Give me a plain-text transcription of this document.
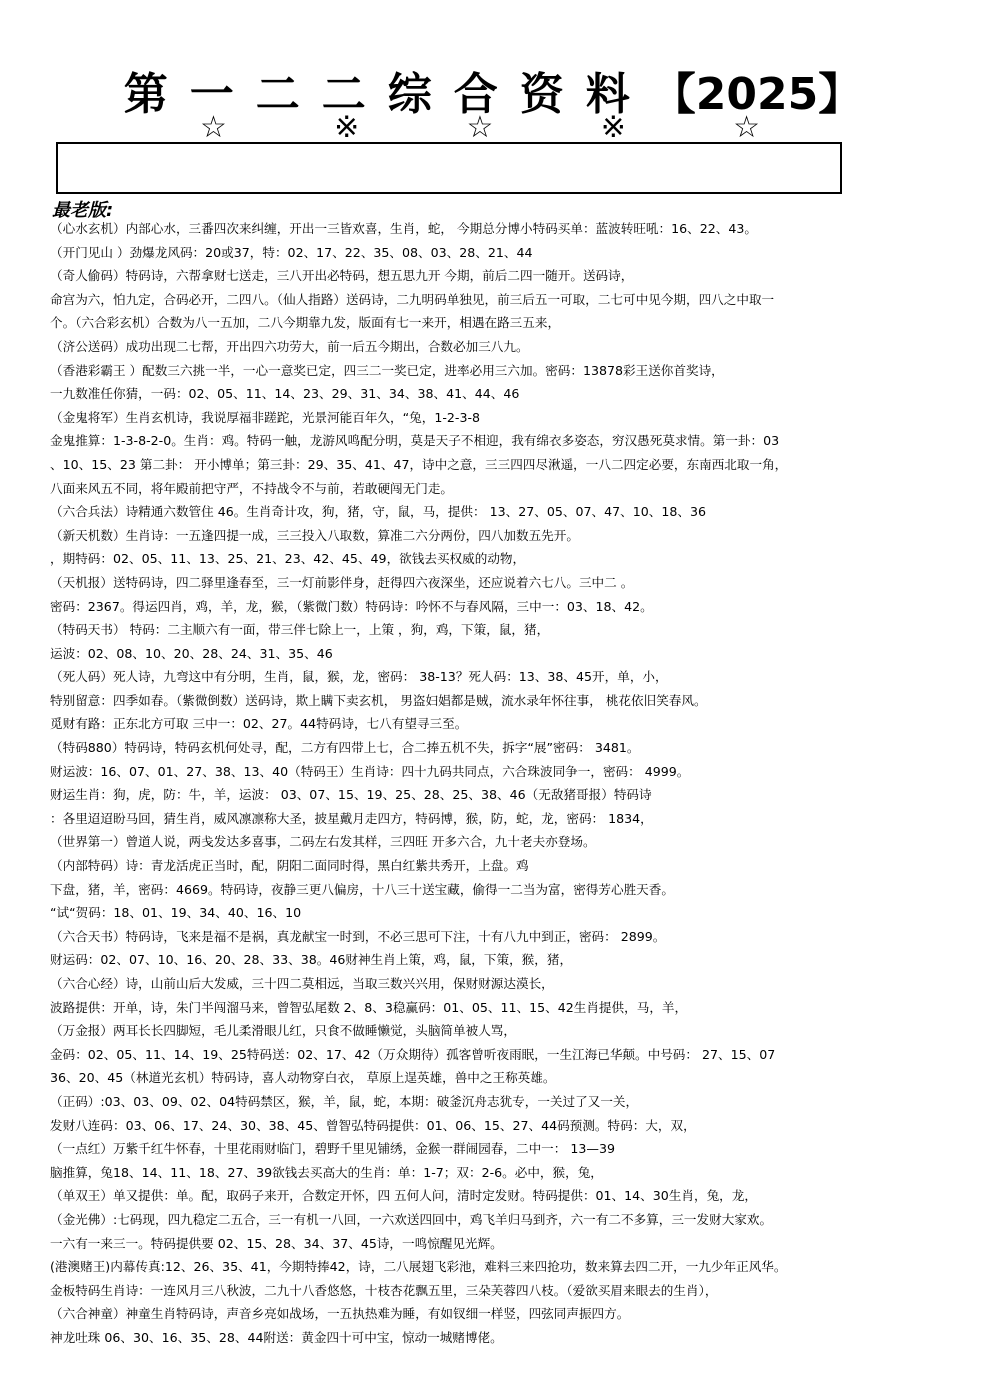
第一二二综合资料【2025】
☆	※	☆	※	☆
最老版:
（心水玄机）内部心水，三番四次来纠缠，开出一三皆欢喜，生肖，蛇， 今期总分博小特码买单：蓝波转旺吼：16、22、43。
（开门见山 ）劲爆龙风码：20或37，特：02、17、22、35、08、03、28、21、44
（奇人偷码）特码诗，六帮拿财七送走，三八开出必特码，想五思九开 今期，前后二四一随开。送码诗，
命宫为六，怕九定，合码必开，二四八。（仙人指路）送码诗，二九明码单独见，前三后五一可取，二七可中见今期，四八之中取一
个。（六合彩玄机）合数为八一五加，二八今期靠九发，版面有七一来开，相遇在路三五来，
（济公送码）成功出现二七帮，开出四六功劳大，前一后五今期出，合数必加三八九。
（香港彩霸王 ）配数三六挑一半，一心一意奖已定，四三二一奖已定，进率必用三六加。密码：13878彩王送你首奖诗，
一九数准任你猜，一码：02、05、11、14、23、29、31、34、38、41、44、46
（金鬼将军）生肖玄机诗，我说厚福非蹉跎，光景河能百年久，“兔，1-2-3-8
金鬼推算：1-3-8-2-0。生肖：鸡。特码一触，龙游风鸣配分明，莫是天子不相迎，我有绵衣多姿态，穷汉愚死莫求情。第一卦：03
、10、15、23 第二卦： 开小博单；第三卦：29、35、41、47，诗中之意，三三四四尽湫遥，一八二四定必要，东南西北取一角，
八面来风五不同，将年殿前把守严，不持战令不与前，若敢硬闯无门走。
（六合兵法）诗精通六数管住 46。生肖奇计攻，狗，猪，守，鼠，马，提供： 13、27、05、07、47、10、18、36
（新天机数）生肖诗：一五逢四提一成，三三投入八取数，算准二六分两份，四八加数五先开。
，期特码：02、05、11、13、25、21、23、42、45、49，欲钱去买权威的动物，
（天机报）送特码诗，四二驿里逢春至，三一灯前影伴身，赶得四六夜深坐，还应说着六七八。三中二 。
密码：2367。得运四肖，鸡，羊，龙，猴，（紫微门数）特码诗：吟怀不与春风隔，三中一：03、18、42。
（特码天书） 特码：二主顺六有一面，带三伴七除上一，上策 ，狗，鸡，下策，鼠，猪，
运波：02、08、10、20、28、24、31、35、46
（死人码）死人诗，九弯这中有分明，生肖，鼠，猴，龙，密码： 38-13？死人码：13、38、45开，单，小，
特别留意：四季如春。（紫微倒数）送码诗，欺上瞒下卖玄机， 男盗妇娼都是贼，流水录年怀往事， 桃花依旧笑春风。
觅财有路：正东北方可取 三中一：02、27。44特码诗，七八有望寻三至。
（特码880）特码诗，特码玄机何处寻，配，二方有四带上七，合二捧五机不失，拆字“展”密码： 3481。
财运波：16、07、01、27、38、13、40（特码王）生肖诗：四十九码共同点，六合珠波同争一，密码： 4999。
财运生肖：狗，虎，防：牛，羊，运波： 03、07、15、19、25、28、25、38、46（无敌猪哥报）特码诗
：各里迢迢盼马回，猜生肖，威风凛凛称大圣，披星戴月走四方，特码博，猴，防，蛇，龙，密码： 1834，
（世界第一）曾道人说，两戋发达多喜事，二码左右发其样，三四旺 开多六合，九十老夫亦登场。
（内部特码）诗：青龙活虎正当时，配，阴阳二面同时得，黑白红紫共秀开，上盘。鸡
下盘，猪，羊，密码：4669。特码诗，夜静三更八偏房，十八三十送宝藏，偷得一二当为富，密得芳心胜天香。
“试“贺码：18、01、19、34、40、16、10
（六合天书）特码诗，飞来是福不是祸，真龙献宝一时到，不必三思可下注，十有八九中到正，密码： 2899。
财运码：02、07、10、16、20、28、33、38。46财神生肖上策，鸡，鼠，下策，猴，猪，
（六合心经）诗，山前山后大发威，三十四二莫相远，当取三数兴兴用，保财财源达漠长，
波路提供：开单，诗，朱门半闯溜马来，曾智弘尾数 2、8、3稳赢码：01、05、11、15、42生肖提供，马，羊，
（万金报）两耳长长四脚短，毛儿柔滑眼儿红，只食不做睡懒觉，头脑简单被人骂，
金码：02、05、11、14、19、25特码送：02、17、42（万众期待）孤客曾听夜雨眠，一生江海已华颠。中号码： 27、15、07
36、20、45（林道光玄机）特码诗，喜人动物穿白衣， 草原上逞英雄，兽中之王称英雄。
（正码）:03、03、09、02、04特码禁区，猴，羊，鼠，蛇，本期：破釜沉舟志犹专，一关过了又一关，
发财八连码：03、06、17、24、30、38、45、曾智弘特码提供：01、06、15、27、44码预测。特码：大，双，
（一点红）万紫千红牛怀春，十里花雨财临门，碧野千里见铺绣，金猴一群闹园春，二中一： 13—39
脑推算，兔18、14、11、18、27、39欲钱去买高大的生肖：单：1-7；双：2-6。必中，猴，兔，
（单双王）单又提供：单。配，取码子来开，合数定开怀，四 五何人问，清时定发财。特码提供：01、14、30生肖，兔，龙，
（金光佛）:七码现，四九稳定二五合，三一有机一八回，一六欢送四回中，鸡飞羊归马到齐，六一有二不多算，三一发财大家欢。
一六有一来三一。特码提供要 02、15、28、34、37、45诗，一鸣惊醒见光辉。
(港澳赌王)内幕传真:12、26、35、41，今期特捧42，诗，二八展翅飞彩池，难料三来四抢功，数来算去四二开，一九少年正风华。
金板特码生肖诗：一连风月三八秋波，二九十八香悠悠，十枝杏花飘五里，三朵芙蓉四八枝。（爱欲买眉来眼去的生肖），
（六合神童）神童生肖特码诗，声音乡亮如战场，一五执热难为睡，有如钗细一样竖，四弦同声振四方。
神龙吐珠 06、30、16、35、28、44附送：黄金四十可中宝，惊动一城赌博佬。
